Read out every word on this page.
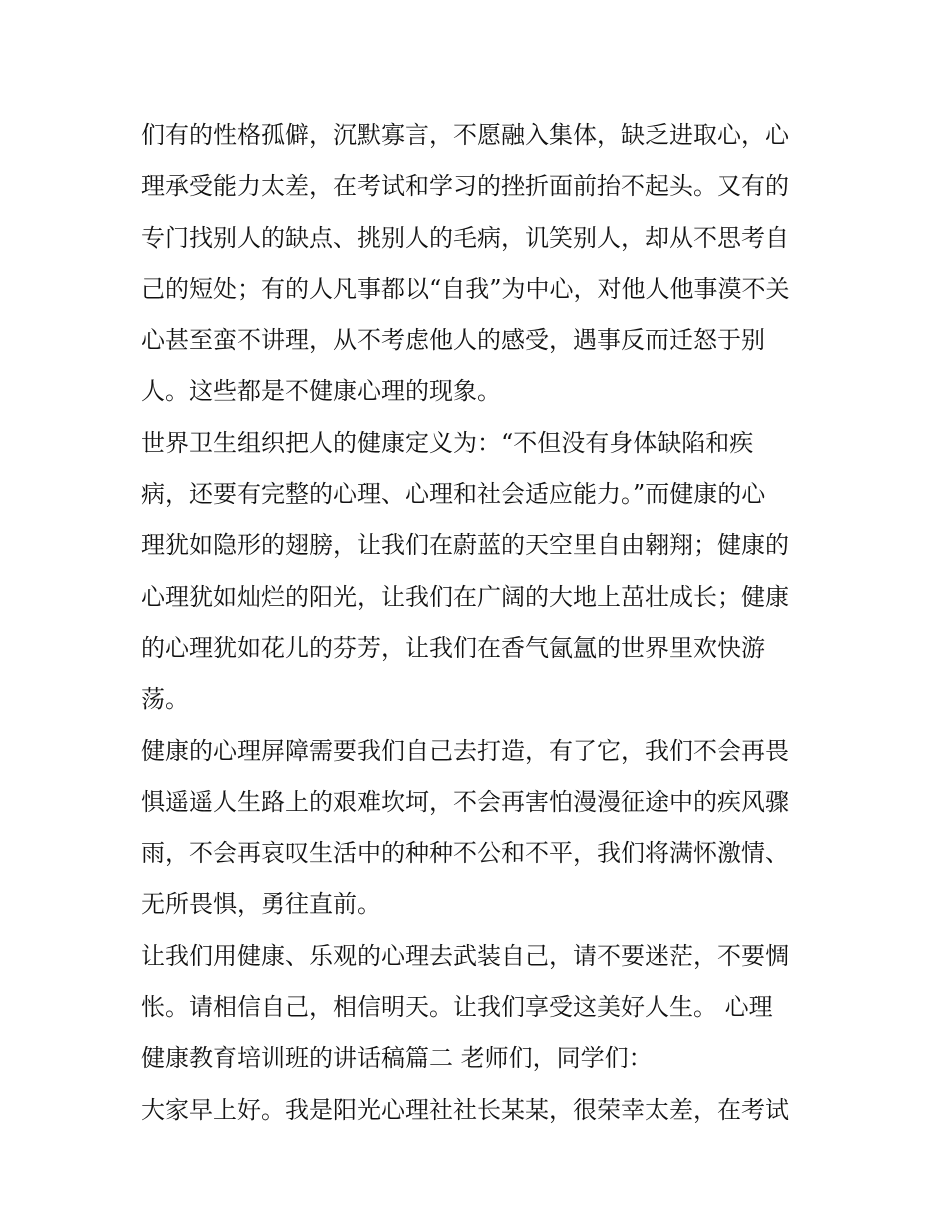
们有的性格孤僻，沉默寡言，不愿融入集体，缺乏进取心，心
理承受能力太差，在考试和学习的挫折面前抬不起头。又有的
专门找别人的缺点、挑别人的毛病，讥笑别人，却从不思考自
己的短处；有的人凡事都以“自我”为中心，对他人他事漠不关
心甚至蛮不讲理，从不考虑他人的感受，遇事反而迁怒于别
人。这些都是不健康心理的现象。
世界卫生组织把人的健康定义为：“不但没有身体缺陷和疾
病，还要有完整的心理、心理和社会适应能力。”而健康的心
理犹如隐形的翅膀，让我们在蔚蓝的天空里自由翱翔；健康的
心理犹如灿烂的阳光，让我们在广阔的大地上茁壮成长；健康
的心理犹如花儿的芬芳，让我们在香气氤氲的世界里欢快游
荡。
健康的心理屏障需要我们自己去打造，有了它，我们不会再畏
惧遥遥人生路上的艰难坎坷，不会再害怕漫漫征途中的疾风骤
雨，不会再哀叹生活中的种种不公和不平，我们将满怀激情、
无所畏惧，勇往直前。
让我们用健康、乐观的心理去武装自己，请不要迷茫，不要惆
怅。请相信自己，相信明天。让我们享受这美好人生。 心理
健康教育培训班的讲话稿篇二 老师们，同学们：
大家早上好。我是阳光心理社社长某某，很荣幸太差，在考试
